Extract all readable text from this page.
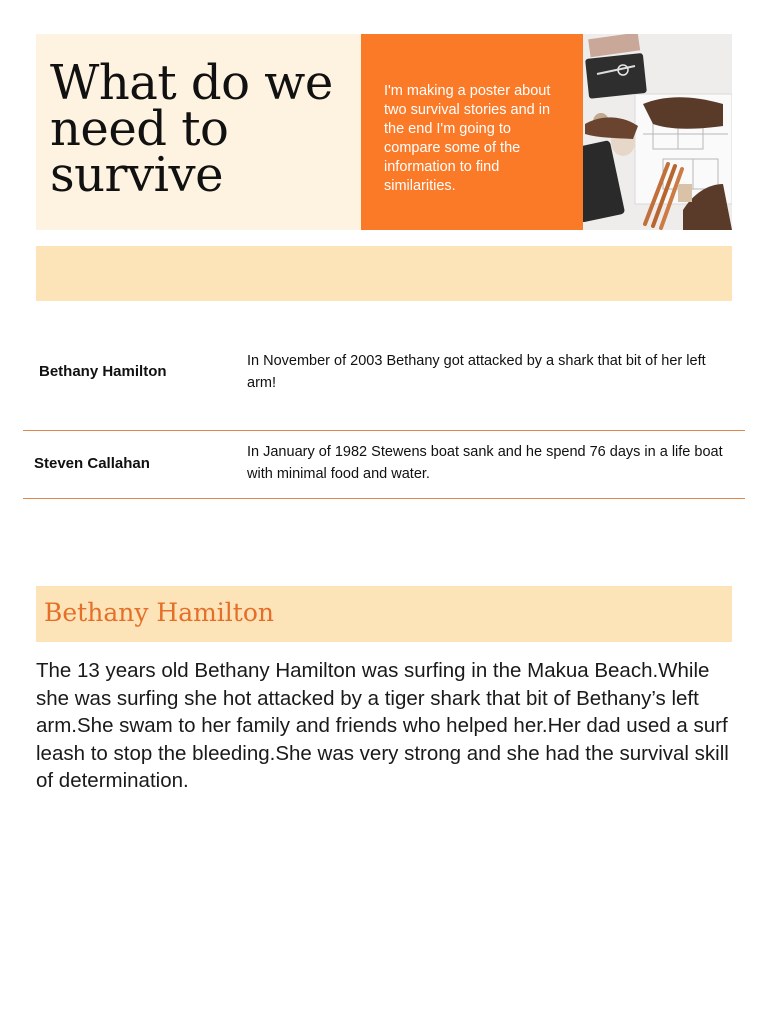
What do we need to survive

I'm making a poster about two survival stories and in the end I'm going to compare some of the information to find similarities.

Bethany Hamilton
In November of 2003 Bethany got attacked by a shark that bit of her left arm!
Steven Callahan
In January of 1982 Stewens boat sank and he spend 76 days in a life boat with minimal food and water.
Bethany Hamilton

The 13 years old Bethany Hamilton was surfing in the Makua Beach.While she was surfing she hot attacked by a tiger shark that bit of Bethany’s left arm.She swam to her family and friends who helped her.Her dad used a surf leash to stop the bleeding.She was very strong and she had the survival skill of determination.
